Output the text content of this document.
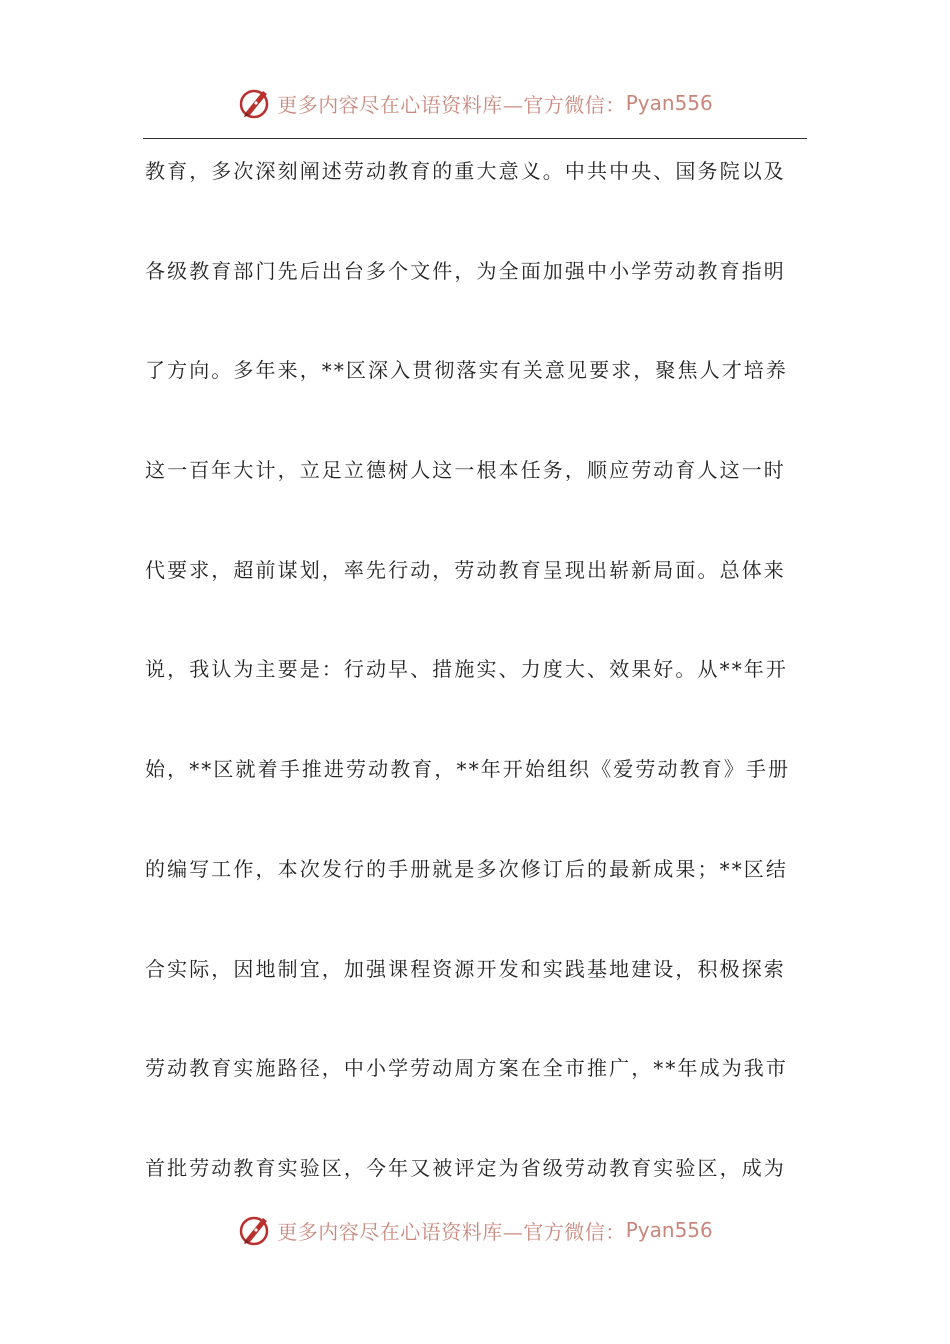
更多内容尽在心语资料库—官方微信： Pyan556
教育，多次深刻阐述劳动教育的重大意义。中共中央、国务院以及
各级教育部门先后出台多个文件，为全面加强中小学劳动教育指明
了方向。多年来，**区深入贯彻落实有关意见要求，聚焦人才培养
这一百年大计，立足立德树人这一根本任务，顺应劳动育人这一时
代要求，超前谋划，率先行动，劳动教育呈现出崭新局面。总体来
说，我认为主要是：行动早、措施实、力度大、效果好。从**年开
始，**区就着手推进劳动教育，**年开始组织《爱劳动教育》手册
的编写工作，本次发行的手册就是多次修订后的最新成果；**区结
合实际，因地制宜，加强课程资源开发和实践基地建设，积极探索
劳动教育实施路径，中小学劳动周方案在全市推广，**年成为我市
首批劳动教育实验区，今年又被评定为省级劳动教育实验区，成为
更多内容尽在心语资料库—官方微信： Pyan556
